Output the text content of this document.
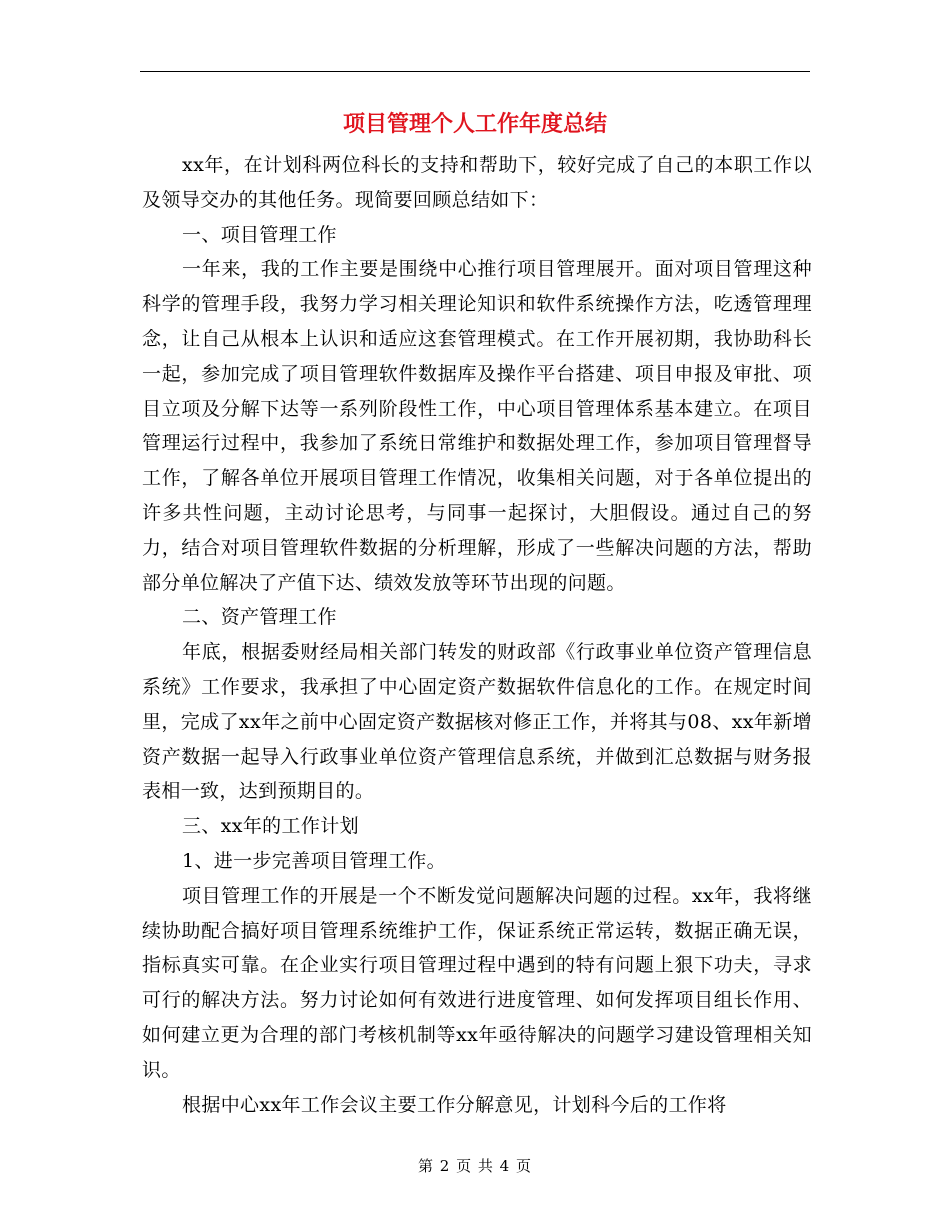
项目管理个人工作年度总结

xx年，在计划科两位科长的支持和帮助下，较好完成了自己的本职工作以及领导交办的其他任务。现简要回顾总结如下：

一、项目管理工作

一年来，我的工作主要是围绕中心推行项目管理展开。面对项目管理这种科学的管理手段，我努力学习相关理论知识和软件系统操作方法，吃透管理理念，让自己从根本上认识和适应这套管理模式。在工作开展初期，我协助科长一起，参加完成了项目管理软件数据库及操作平台搭建、项目申报及审批、项目立项及分解下达等一系列阶段性工作，中心项目管理体系基本建立。在项目管理运行过程中，我参加了系统日常维护和数据处理工作，参加项目管理督导工作，了解各单位开展项目管理工作情况，收集相关问题，对于各单位提出的许多共性问题，主动讨论思考，与同事一起探讨，大胆假设。通过自己的努力，结合对项目管理软件数据的分析理解，形成了一些解决问题的方法，帮助部分单位解决了产值下达、绩效发放等环节出现的问题。

二、资产管理工作

年底，根据委财经局相关部门转发的财政部《行政事业单位资产管理信息系统》工作要求，我承担了中心固定资产数据软件信息化的工作。在规定时间里，完成了xx年之前中心固定资产数据核对修正工作，并将其与08、xx年新增资产数据一起导入行政事业单位资产管理信息系统，并做到汇总数据与财务报表相一致，达到预期目的。

三、xx年的工作计划

1、进一步完善项目管理工作。

项目管理工作的开展是一个不断发觉问题解决问题的过程。xx年，我将继续协助配合搞好项目管理系统维护工作，保证系统正常运转，数据正确无误，指标真实可靠。在企业实行项目管理过程中遇到的特有问题上狠下功夫，寻求可行的解决方法。努力讨论如何有效进行进度管理、如何发挥项目组长作用、如何建立更为合理的部门考核机制等xx年亟待解决的问题学习建设管理相关知识。

根据中心xx年工作会议主要工作分解意见，计划科今后的工作将

第 2 页 共 4 页
